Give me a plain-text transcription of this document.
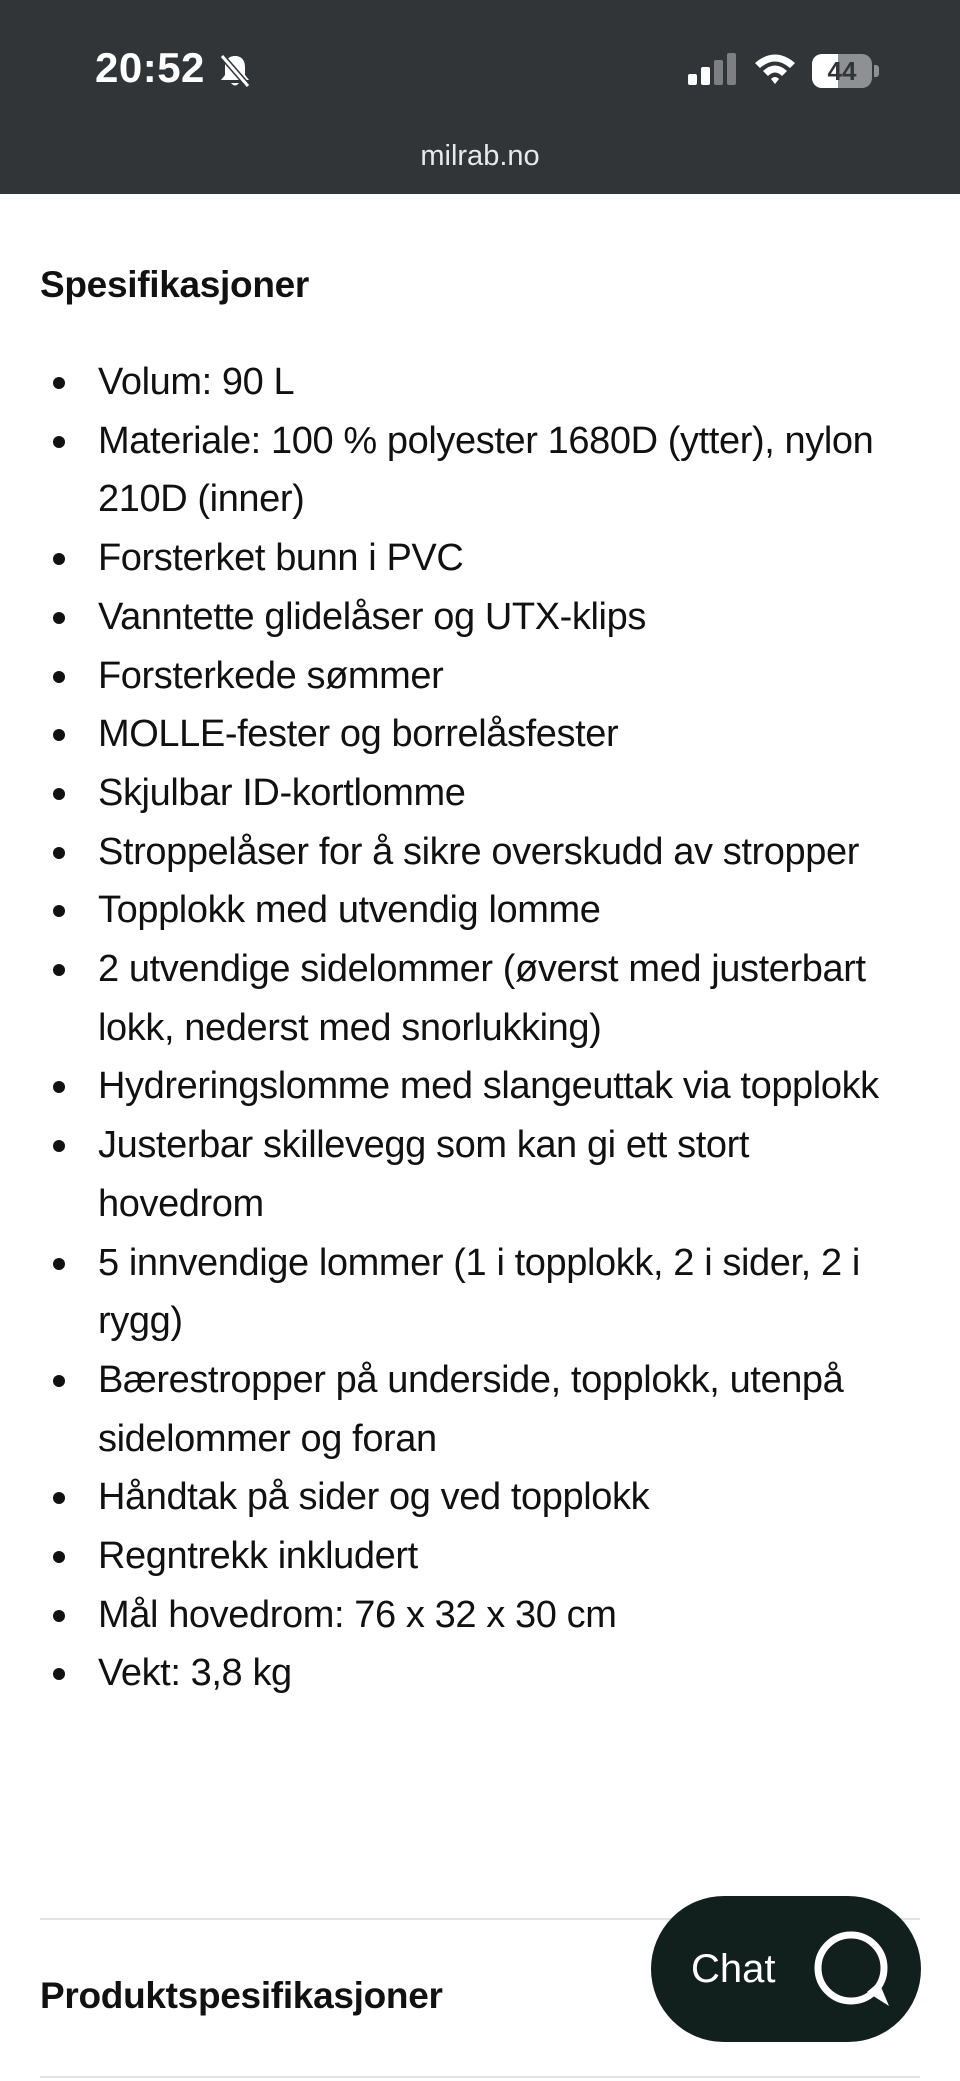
20:52	44
milrab.no
Spesifikasjoner
Volum: 90 L
Materiale: 100 % polyester 1680D (ytter), nylon 210D (inner)
Forsterket bunn i PVC
Vanntette glidelåser og UTX-klips
Forsterkede sømmer
MOLLE-fester og borrelåsfester
Skjulbar ID-kortlomme
Stroppelåser for å sikre overskudd av stropper
Topplokk med utvendig lomme
2 utvendige sidelommer (øverst med justerbart lokk, nederst med snorlukking)
Hydreringslomme med slangeuttak via topplokk
Justerbar skillevegg som kan gi ett stort hovedrom
5 innvendige lommer (1 i topplokk, 2 i sider, 2 i rygg)
Bærestropper på underside, topplokk, utenpå sidelommer og foran
Håndtak på sider og ved topplokk
Regntrekk inkludert
Mål hovedrom: 76 x 32 x 30 cm
Vekt: 3,8 kg
Produktspesifikasjoner
Chat
